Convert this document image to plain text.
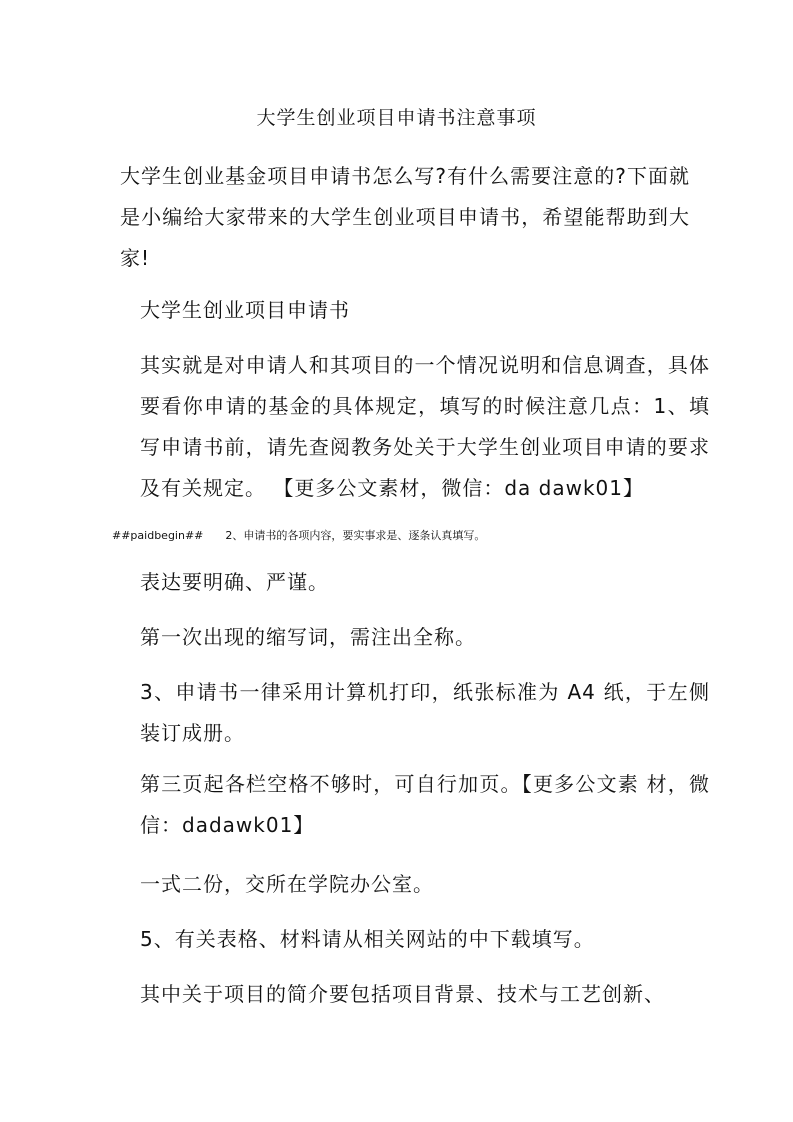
大学生创业项目申请书注意事项
大学生创业基金项目申请书怎么写?有什么需要注意的?下面就是小编给大家带来的大学生创业项目申请书，希望能帮助到大家!
大学生创业项目申请书
其实就是对申请人和其项目的一个情况说明和信息调查，具体要看你申请的基金的具体规定，填写的时候注意几点：1、填写申请书前，请先查阅教务处关于大学生创业项目申请的要求及有关规定。 【更多公文素材，微信：da dawk01】
##paidbegin## 2、申请书的各项内容，要实事求是、逐条认真填写。
表达要明确、严谨。
第一次出现的缩写词，需注出全称。
3、申请书一律采用计算机打印，纸张标准为 A4 纸，于左侧装订成册。
第三页起各栏空格不够时，可自行加页。【更多公文素 材，微信：dadawk01】
一式二份，交所在学院办公室。
5、有关表格、材料请从相关网站的中下载填写。
其中关于项目的简介要包括项目背景、技术与工艺创新、
